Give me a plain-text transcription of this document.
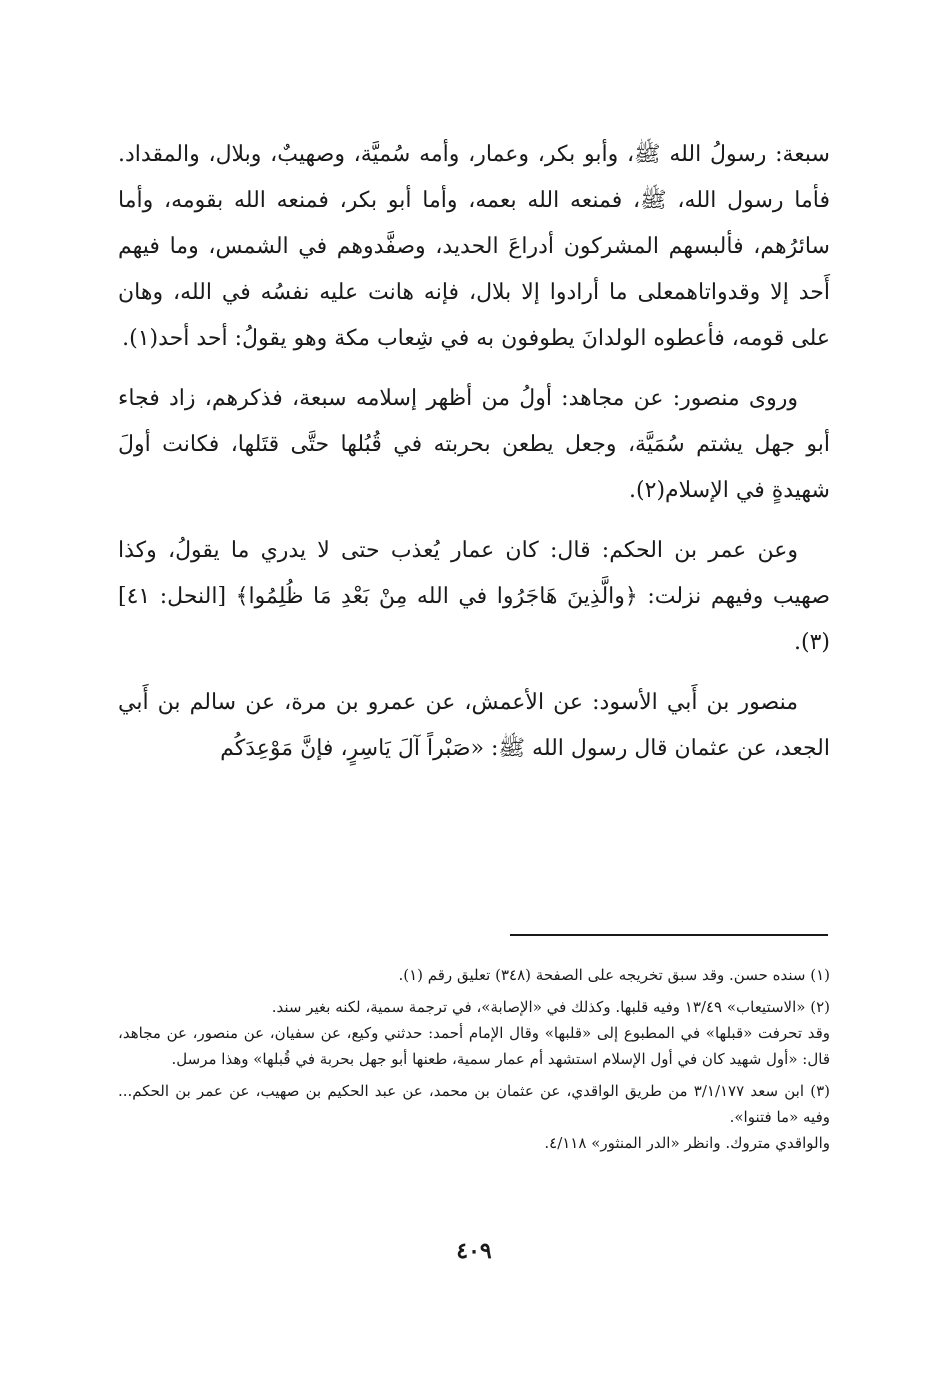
سبعة: رسولُ الله ﷺ، وأبو بكر، وعمار، وأمه سُميَّة، وصهيبٌ، وبلال، والمقداد. فأما رسول الله، ﷺ، فمنعه الله بعمه، وأما أبو بكر، فمنعه الله بقومه، وأما سائرُهم، فألبسهم المشركون أدراعَ الحديد، وصفَّدوهم في الشمس، وما فيهم أَحد إلا وقدواتاهمعلى ما أرادوا إلا بلال، فإنه هانت عليه نفسُه في الله، وهان على قومه، فأعطوه الولدانَ يطوفون به في شِعاب مكة وهو يقولُ: أحد أحد(١).

وروى منصور: عن مجاهد: أولُ من أظهر إسلامه سبعة، فذكرهم، زاد فجاء أبو جهل يشتم سُمَيَّة، وجعل يطعن بحربته في قُبُلها حتَّى قتَلها، فكانت أولَ شهيدةٍ في الإسلام(٢).

وعن عمر بن الحكم: قال: كان عمار يُعذب حتى لا يدري ما يقولُ، وكذا صهيب وفيهم نزلت: ﴿والَّذِينَ هَاجَرُوا في الله مِنْ بَعْدِ مَا ظُلِمُوا﴾ [النحل: ٤١](٣).

منصور بن أَبي الأسود: عن الأعمش، عن عمرو بن مرة، عن سالم بن أَبي الجعد، عن عثمان قال رسول الله ﷺ: «صَبْراً آلَ يَاسِرٍ، فإنَّ مَوْعِدَكُم

(١) سنده حسن. وقد سبق تخريجه على الصفحة (٣٤٨) تعليق رقم (١).
(٢) «الاستيعاب» ١٣/٤٩ وفيه قلبها. وكذلك في «الإصابة»، في ترجمة سمية، لكنه بغير سند.
وقد تحرفت «قبلها» في المطبوع إلى «قلبها» وقال الإمام أحمد: حدثني وكيع، عن سفيان، عن منصور، عن مجاهد، قال: «أول شهيد كان في أول الإسلام استشهد أم عمار سمية، طعنها أبو جهل بحربة في قُبلها» وهذا مرسل.
(٣) ابن سعد ٣/١/١٧٧ من طريق الواقدي، عن عثمان بن محمد، عن عبد الحكيم بن صهيب، عن عمر بن الحكم... وفيه «ما فتنوا».
والواقدي متروك. وانظر «الدر المنثور» ٤/١١٨.
٤٠٩
